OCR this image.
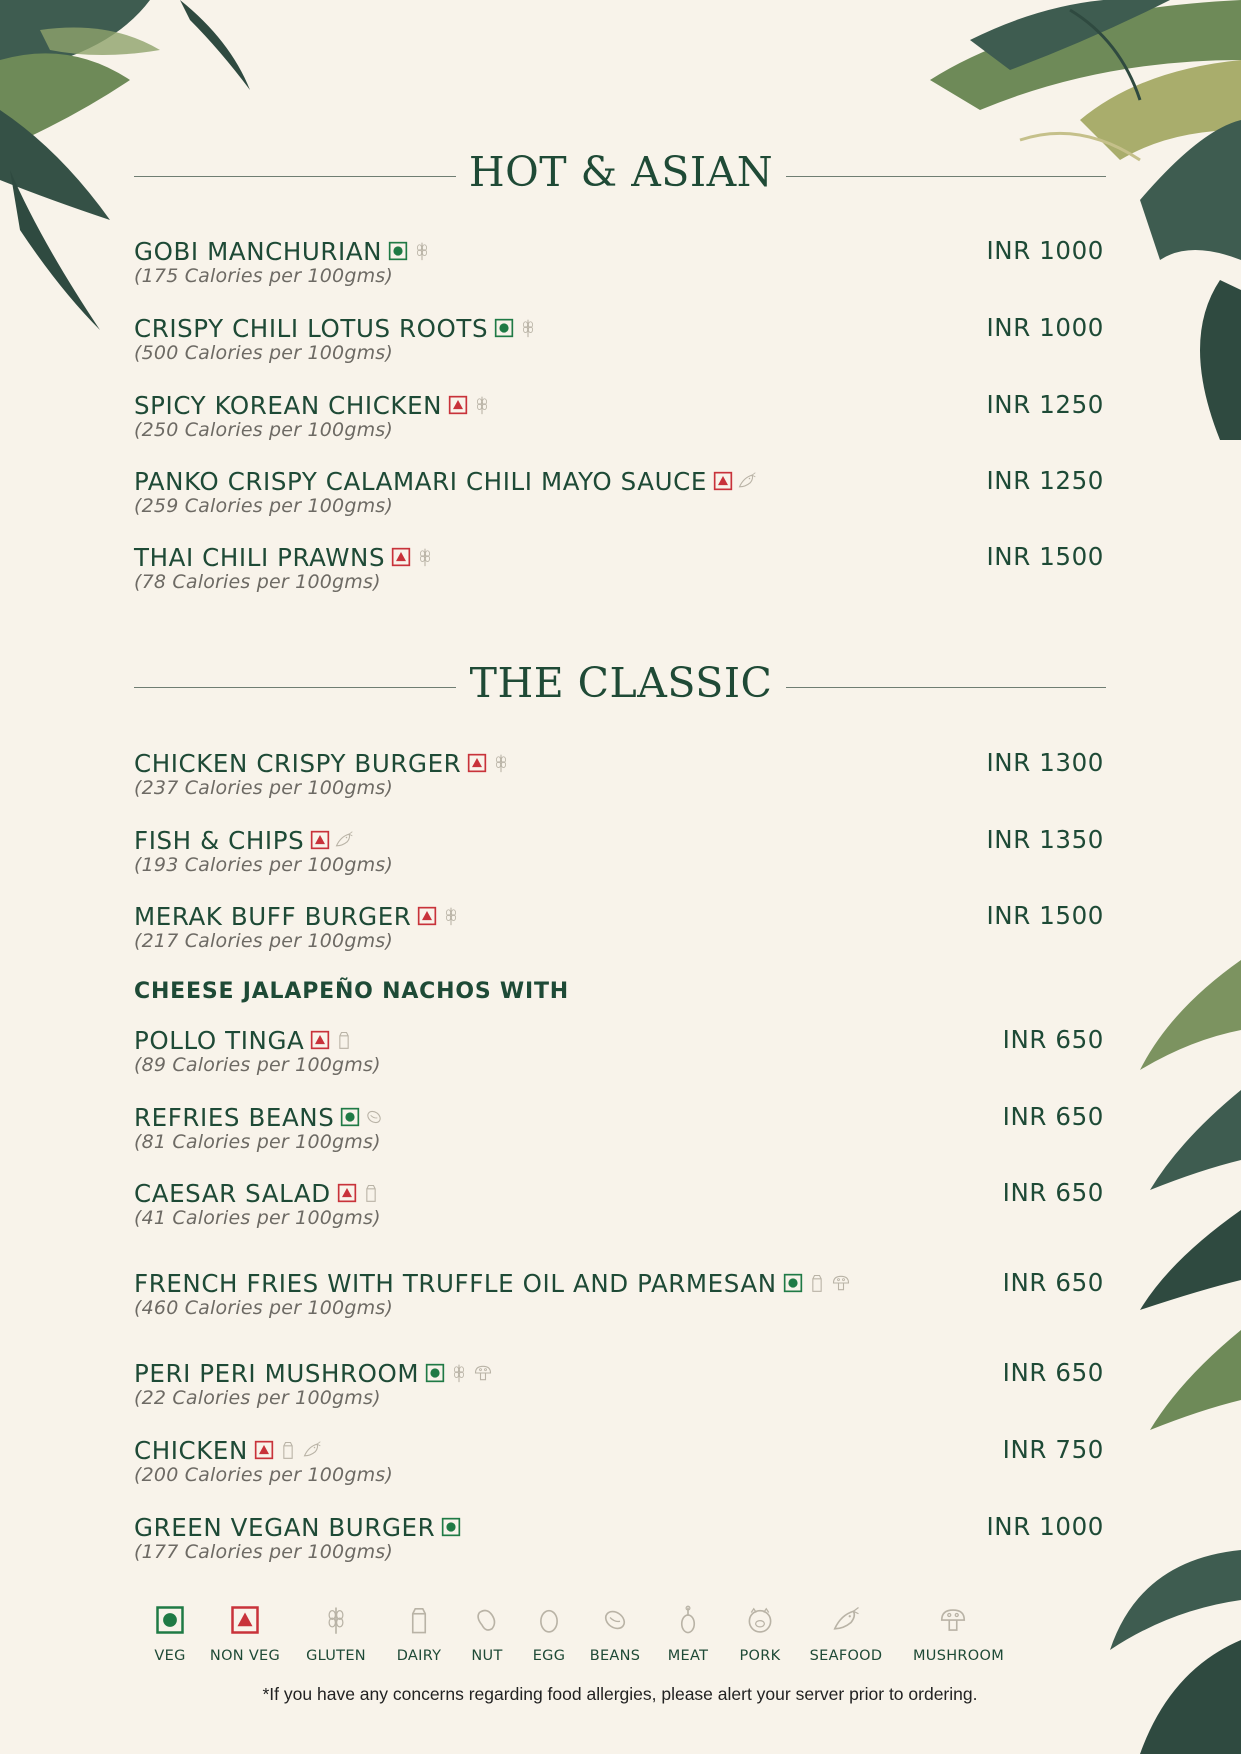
HOT & ASIAN
GOBI MANCHURIAN	INR 1000
(175 Calories per 100gms)
CRISPY CHILI LOTUS ROOTS	INR 1000
(500 Calories per 100gms)
SPICY KOREAN CHICKEN	INR 1250
(250 Calories per 100gms)
PANKO CRISPY CALAMARI CHILI MAYO SAUCE	INR 1250
(259 Calories per 100gms)
THAI CHILI PRAWNS	INR 1500
(78 Calories per 100gms)
THE CLASSIC
CHICKEN CRISPY BURGER	INR 1300
(237 Calories per 100gms)
FISH & CHIPS	INR 1350
(193 Calories per 100gms)
MERAK BUFF BURGER	INR 1500
(217 Calories per 100gms)
CHEESE JALAPEÑO NACHOS WITH
POLLO TINGA	INR 650
(89 Calories per 100gms)
REFRIES BEANS	INR 650
(81 Calories per 100gms)
CAESAR SALAD	INR 650
(41 Calories per 100gms)
FRENCH FRIES WITH TRUFFLE OIL AND PARMESAN	INR 650
(460 Calories per 100gms)
PERI PERI MUSHROOM	INR 650
(22 Calories per 100gms)
CHICKEN	INR 750
(200 Calories per 100gms)
GREEN VEGAN BURGER	INR 1000
(177 Calories per 100gms)
VEG	NON VEG	GLUTEN	DAIRY	NUT	EGG	BEANS	MEAT	PORK	SEAFOOD MUSHROOM
*If you have any concerns regarding food allergies, please alert your server prior to ordering.
